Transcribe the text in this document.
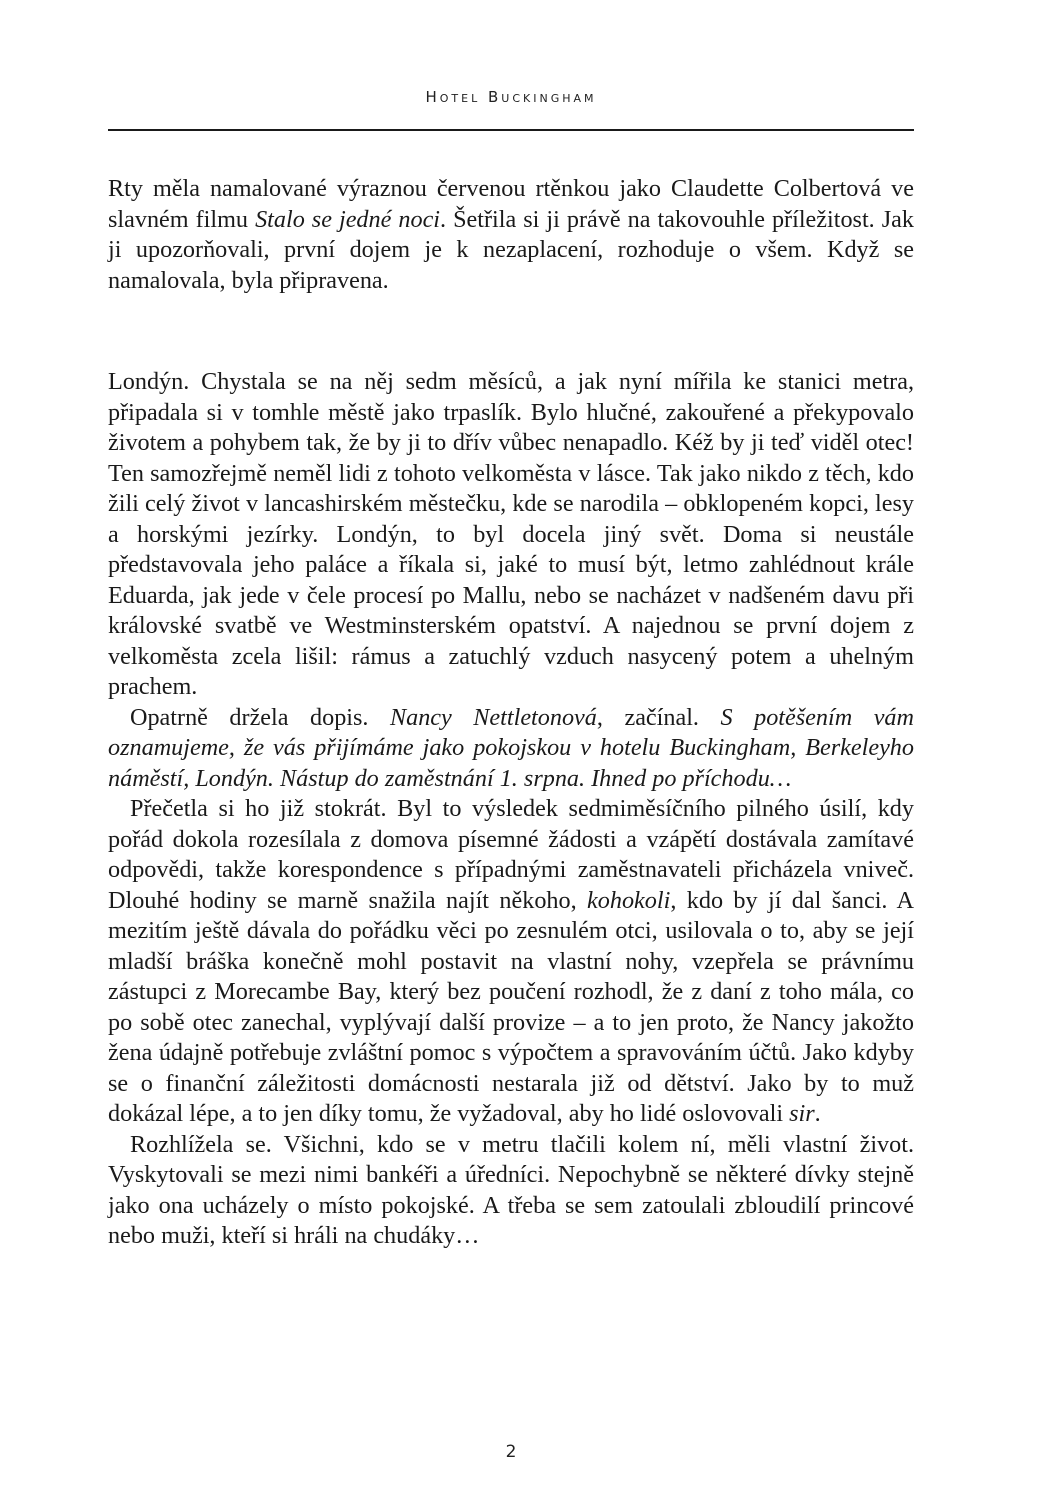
Hotel Buckingham

Rty měla namalované výraznou červenou rtěnkou jako Claudette Colbertová ve slavném filmu Stalo se jedné noci. Šetřila si ji právě na takovouhle příležitost. Jak ji upozorňovali, první dojem je k nezaplacení, rozhoduje o všem. Když se namalovala, byla připravena.

Londýn. Chystala se na něj sedm měsíců, a jak nyní mířila ke stanici metra, připadala si v tomhle městě jako trpaslík. Bylo hlučné, zakouřené a překypovalo životem a pohybem tak, že by ji to dřív vůbec nenapadlo. Kéž by ji teď viděl otec! Ten samozřejmě neměl lidi z tohoto velkoměsta v lásce. Tak jako nikdo z těch, kdo žili celý život v lancashirském městečku, kde se narodila – obklopeném kopci, lesy a horskými jezírky. Londýn, to byl docela jiný svět. Doma si neustále představovala jeho paláce a říkala si, jaké to musí být, letmo zahlédnout krále Eduarda, jak jede v čele procesí po Mallu, nebo se nacházet v nadšeném davu při královské svatbě ve Westminsterském opatství. A najednou se první dojem z velkoměsta zcela lišil: rámus a zatuchlý vzduch nasycený potem a uhelným prachem.

Opatrně držela dopis. Nancy Nettletonová, začínal. S potěšením vám oznamujeme, že vás přijímáme jako pokojskou v hotelu Buckingham, Berkeleyho náměstí, Londýn. Nástup do zaměstnání 1. srpna. Ihned po příchodu…

Přečetla si ho již stokrát. Byl to výsledek sedmiměsíčního pilného úsilí, kdy pořád dokola rozesílala z domova písemné žádosti a vzápětí dostávala zamítavé odpovědi, takže korespondence s případnými zaměstnavateli přicházela vniveč. Dlouhé hodiny se marně snažila najít někoho, kohokoli, kdo by jí dal šanci. A mezitím ještě dávala do pořádku věci po zesnulém otci, usilovala o to, aby se její mladší bráška konečně mohl postavit na vlastní nohy, vzepřela se právnímu zástupci z Morecambe Bay, který bez poučení rozhodl, že z daní z toho mála, co po sobě otec zanechal, vyplývají další provize – a to jen proto, že Nancy jakožto žena údajně potřebuje zvláštní pomoc s výpočtem a spravováním účtů. Jako kdyby se o finanční záležitosti domácnosti nestarala již od dětství. Jako by to muž dokázal lépe, a to jen díky tomu, že vyžadoval, aby ho lidé oslovovali sir.

Rozhlížela se. Všichni, kdo se v metru tlačili kolem ní, měli vlastní život. Vyskytovali se mezi nimi bankéři a úředníci. Nepochybně se některé dívky stejně jako ona ucházely o místo pokojské. A třeba se sem zatoulali zbloudilí princové nebo muži, kteří si hráli na chudáky…

2
